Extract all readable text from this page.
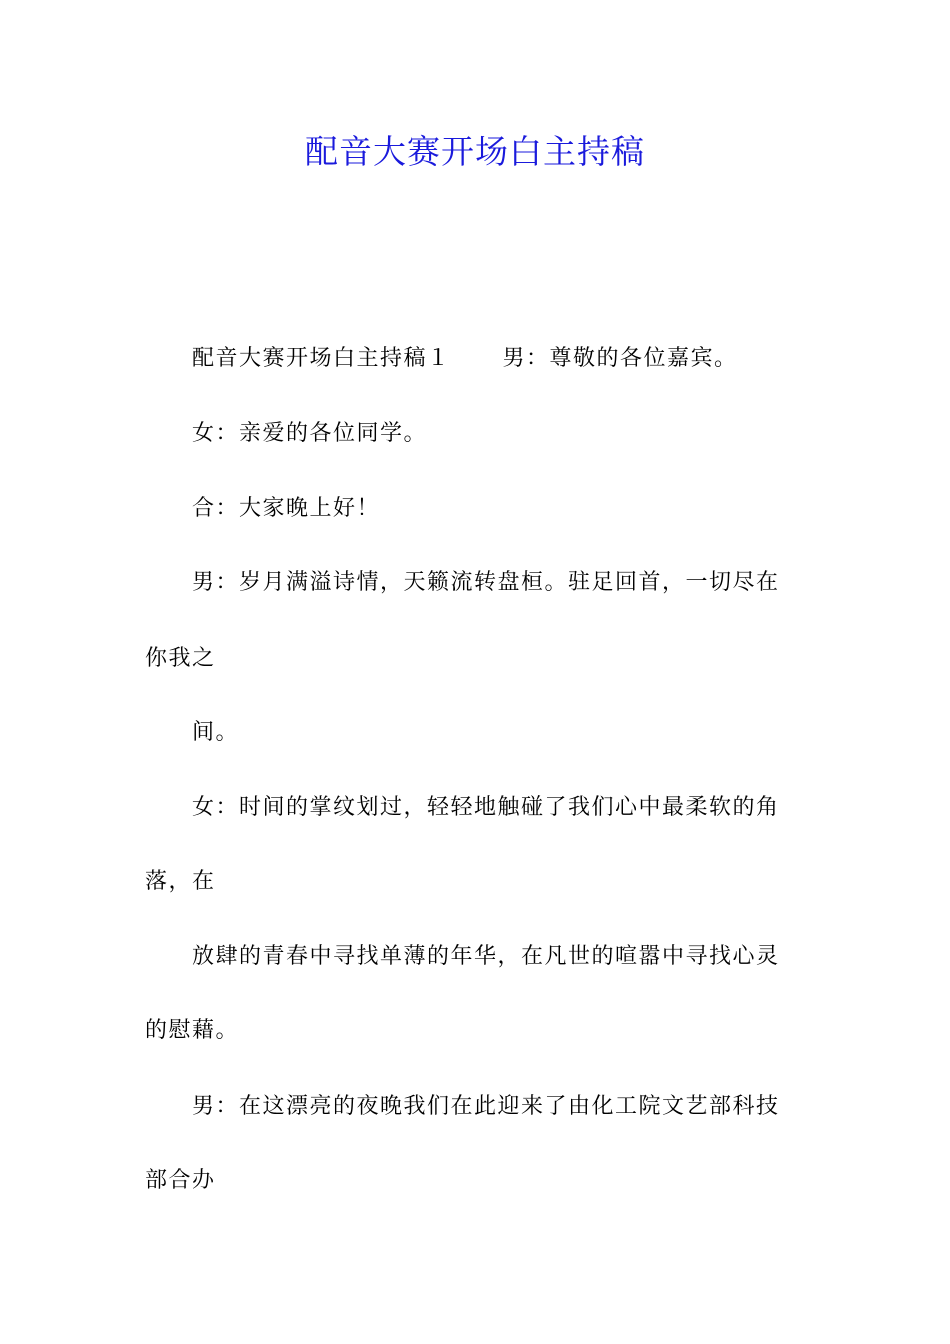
配音大赛开场白主持稿
配音大赛开场白主持稿１ 男：尊敬的各位嘉宾。
女：亲爱的各位同学。
合：大家晚上好！
男：岁月满溢诗情，天籁流转盘桓。驻足回首，一切尽在
你我之
间。
女：时间的掌纹划过，轻轻地触碰了我们心中最柔软的角
落，在
放肆的青春中寻找单薄的年华，在凡世的喧嚣中寻找心灵
的慰藉。
男：在这漂亮的夜晚我们在此迎来了由化工院文艺部科技
部合办
